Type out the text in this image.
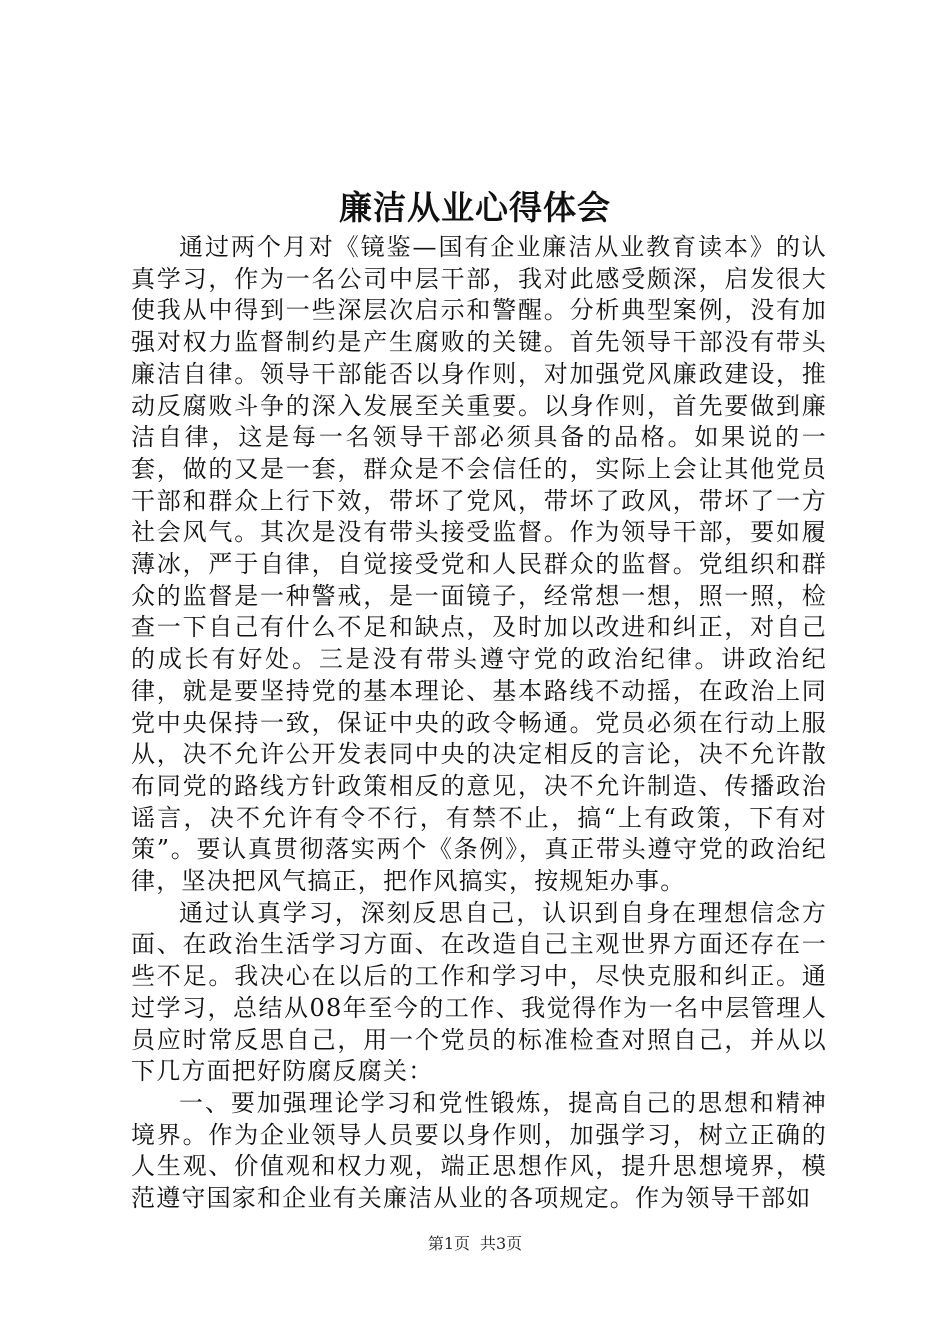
廉洁从业心得体会

通过两个月对《镜鉴—国有企业廉洁从业教育读本》的认真学习，作为一名公司中层干部，我对此感受颇深，启发很大使我从中得到一些深层次启示和警醒。分析典型案例，没有加强对权力监督制约是产生腐败的关键。首先领导干部没有带头廉洁自律。领导干部能否以身作则，对加强党风廉政建设，推动反腐败斗争的深入发展至关重要。以身作则，首先要做到廉洁自律，这是每一名领导干部必须具备的品格。如果说的一套，做的又是一套，群众是不会信任的，实际上会让其他党员干部和群众上行下效，带坏了党风，带坏了政风，带坏了一方社会风气。其次是没有带头接受监督。作为领导干部，要如履薄冰，严于自律，自觉接受党和人民群众的监督。党组织和群众的监督是一种警戒，是一面镜子，经常想一想，照一照，检查一下自己有什么不足和缺点，及时加以改进和纠正，对自己的成长有好处。三是没有带头遵守党的政治纪律。讲政治纪律，就是要坚持党的基本理论、基本路线不动摇，在政治上同党中央保持一致，保证中央的政令畅通。党员必须在行动上服从，决不允许公开发表同中央的决定相反的言论，决不允许散布同党的路线方针政策相反的意见，决不允许制造、传播政治谣言，决不允许有令不行，有禁不止，搞“上有政策，下有对策”。要认真贯彻落实两个《条例》，真正带头遵守党的政治纪律，坚决把风气搞正，把作风搞实，按规矩办事。

通过认真学习，深刻反思自己，认识到自身在理想信念方面、在政治生活学习方面、在改造自己主观世界方面还存在一些不足。我决心在以后的工作和学习中，尽快克服和纠正。通过学习，总结从08年至今的工作、我觉得作为一名中层管理人员应时常反思自己，用一个党员的标准检查对照自己，并从以下几方面把好防腐反腐关：

一、要加强理论学习和党性锻炼，提高自己的思想和精神境界。作为企业领导人员要以身作则，加强学习，树立正确的人生观、价值观和权力观，端正思想作风，提升思想境界，模范遵守国家和企业有关廉洁从业的各项规定。作为领导干部如

第1页 共3页
